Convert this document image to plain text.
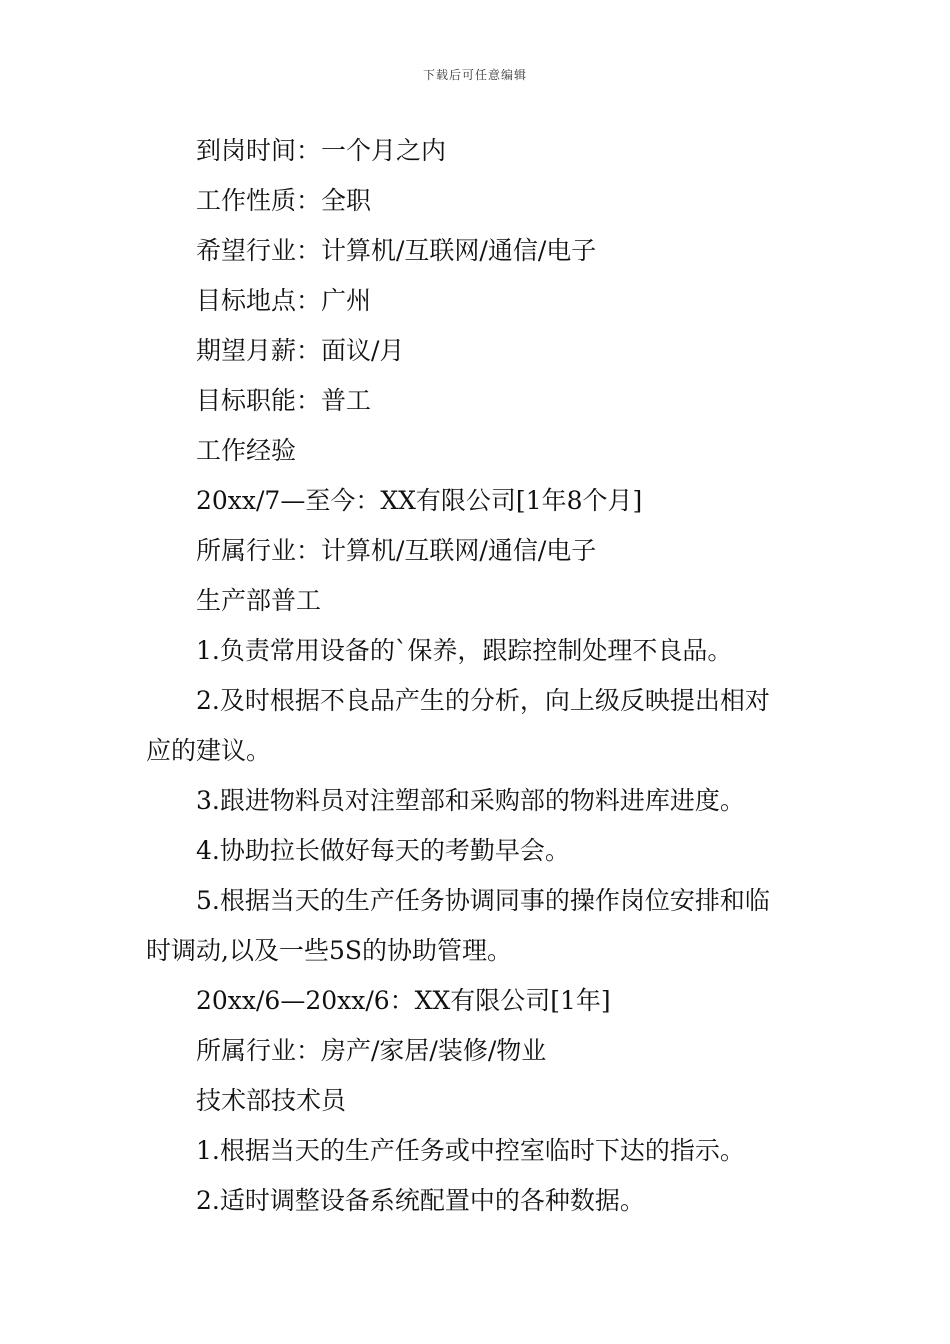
下载后可任意编辑
到岗时间：一个月之内
工作性质：全职
希望行业：计算机/互联网/通信/电子
目标地点：广州
期望月薪：面议/月
目标职能：普工
工作经验
20xx/7—至今：XX有限公司[1年8个月]
所属行业：计算机/互联网/通信/电子
生产部普工
1.负责常用设备的`保养，跟踪控制处理不良品。
2.及时根据不良品产生的分析，向上级反映提出相对
应的建议。
3.跟进物料员对注塑部和采购部的物料进库进度。
4.协助拉长做好每天的考勤早会。
5.根据当天的生产任务协调同事的操作岗位安排和临
时调动,以及一些5S的协助管理。
20xx/6—20xx/6：XX有限公司[1年]
所属行业：房产/家居/装修/物业
技术部技术员
1.根据当天的生产任务或中控室临时下达的指示。
2.适时调整设备系统配置中的各种数据。
